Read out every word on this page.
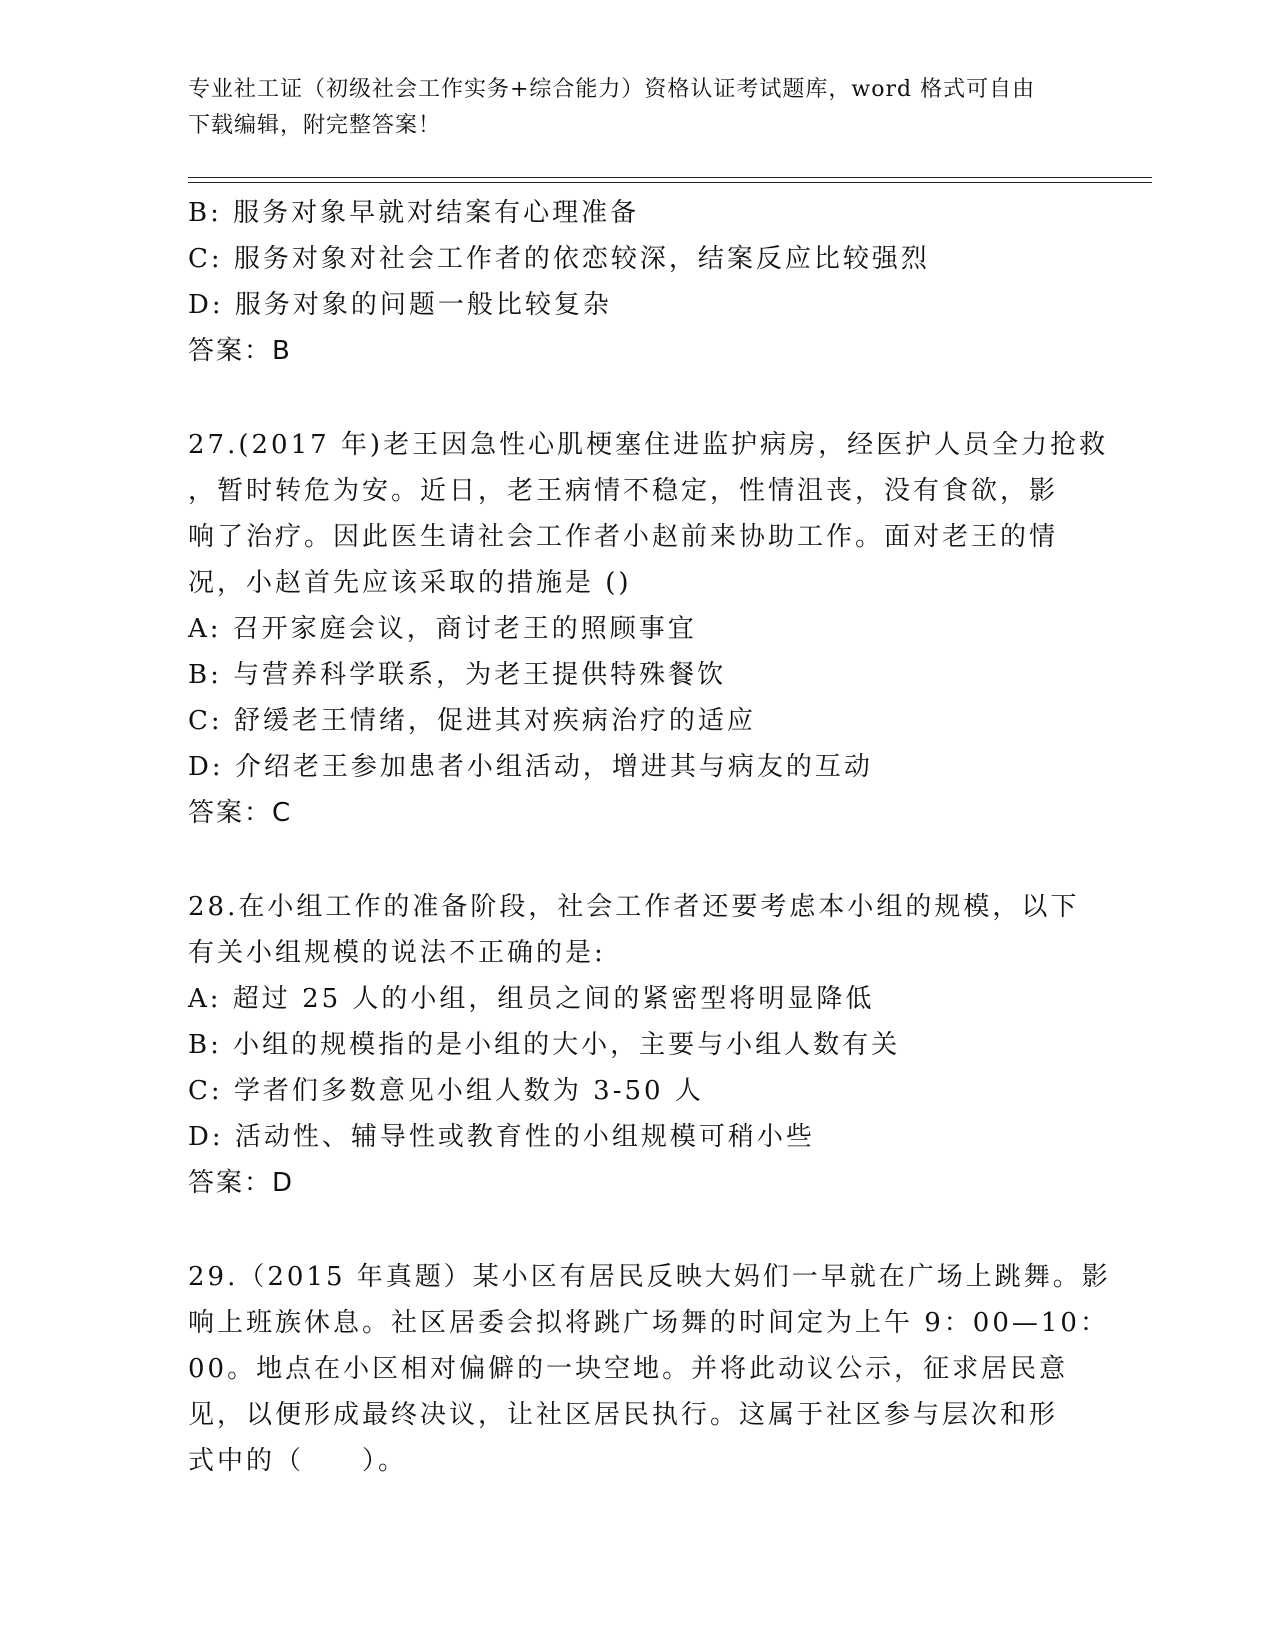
专业社工证（初级社会工作实务+综合能力）资格认证考试题库，word 格式可自由
下载编辑，附完整答案！
B: 服务对象早就对结案有心理准备
C: 服务对象对社会工作者的依恋较深，结案反应比较强烈
D: 服务对象的问题一般比较复杂
答案：B
27.(2017 年)老王因急性心肌梗塞住进监护病房，经医护人员全力抢救
，暂时转危为安。近日，老王病情不稳定，性情沮丧，没有食欲，影
响了治疗。因此医生请社会工作者小赵前来协助工作。面对老王的情
况，小赵首先应该采取的措施是 ()
A: 召开家庭会议，商讨老王的照顾事宜
B: 与营养科学联系，为老王提供特殊餐饮
C: 舒缓老王情绪，促进其对疾病治疗的适应
D: 介绍老王参加患者小组活动，增进其与病友的互动
答案：C
28.在小组工作的准备阶段，社会工作者还要考虑本小组的规模，以下
有关小组规模的说法不正确的是:
A: 超过 25 人的小组，组员之间的紧密型将明显降低
B: 小组的规模指的是小组的大小，主要与小组人数有关
C: 学者们多数意见小组人数为 3-50 人
D: 活动性、辅导性或教育性的小组规模可稍小些
答案：D
29.（2015 年真题）某小区有居民反映大妈们一早就在广场上跳舞。影
响上班族休息。社区居委会拟将跳广场舞的时间定为上午 9：00—10：
00。地点在小区相对偏僻的一块空地。并将此动议公示，征求居民意
见，以便形成最终决议，让社区居民执行。这属于社区参与层次和形
式中的（　　）。
